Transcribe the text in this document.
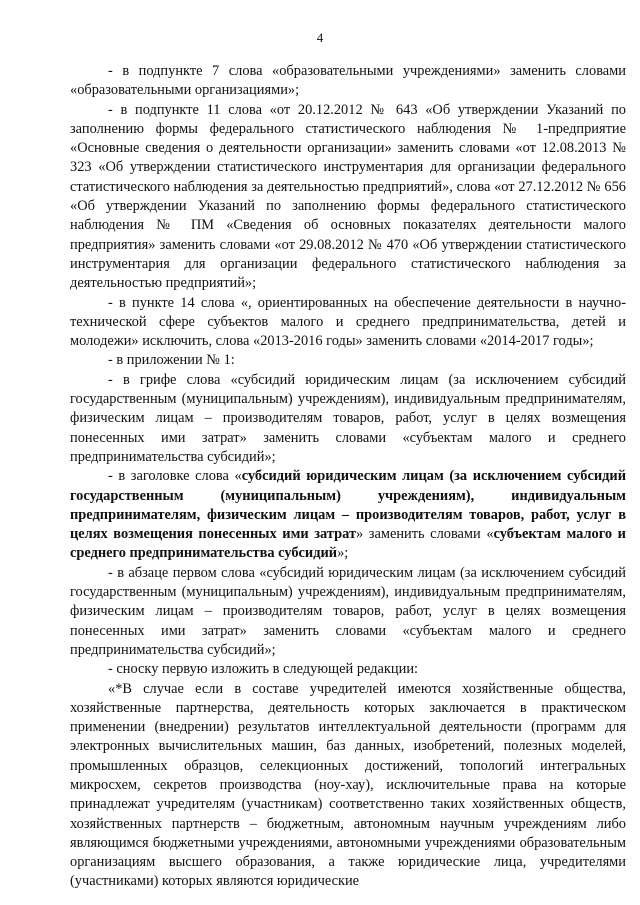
4

- в подпункте 7 слова «образовательными учреждениями» заменить словами «образовательными организациями»;

- в подпункте 11 слова «от 20.12.2012 № 643 «Об утверждении Указаний по заполнению формы федерального статистического наблюдения № 1-предприятие «Основные сведения о деятельности организации» заменить словами «от 12.08.2013 № 323 «Об утверждении статистического инструментария для организации федерального статистического наблюдения за деятельностью предприятий», слова «от 27.12.2012 № 656 «Об утверждении Указаний по заполнению формы федерального статистического наблюдения № ПМ «Сведения об основных показателях деятельности малого предприятия» заменить словами «от 29.08.2012 № 470 «Об утверждении статистического инструментария для организации федерального статистического наблюдения за деятельностью предприятий»;

- в пункте 14 слова «, ориентированных на обеспечение деятельности в научно-технической сфере субъектов малого и среднего предпринимательства, детей и молодежи» исключить, слова «2013-2016 годы» заменить словами «2014-2017 годы»;

- в приложении № 1:

- в грифе слова «субсидий юридическим лицам (за исключением субсидий государственным (муниципальным) учреждениям), индивидуальным предпринимателям, физическим лицам – производителям товаров, работ, услуг в целях возмещения понесенных ими затрат» заменить словами «субъектам малого и среднего предпринимательства субсидий»;

- в заголовке слова «субсидий юридическим лицам (за исключением субсидий государственным (муниципальным) учреждениям), индивидуальным предпринимателям, физическим лицам – производителям товаров, работ, услуг в целях возмещения понесенных ими затрат» заменить словами «субъектам малого и среднего предпринимательства субсидий»;

- в абзаце первом слова «субсидий юридическим лицам (за исключением субсидий государственным (муниципальным) учреждениям), индивидуальным предпринимателям, физическим лицам – производителям товаров, работ, услуг в целях возмещения понесенных ими затрат» заменить словами «субъектам малого и среднего предпринимательства субсидий»;

- сноску первую изложить в следующей редакции:

«*В случае если в составе учредителей имеются хозяйственные общества, хозяйственные партнерства, деятельность которых заключается в практическом применении (внедрении) результатов интеллектуальной деятельности (программ для электронных вычислительных машин, баз данных, изобретений, полезных моделей, промышленных образцов, селекционных достижений, топологий интегральных микросхем, секретов производства (ноу-хау), исключительные права на которые принадлежат учредителям (участникам) соответственно таких хозяйственных обществ, хозяйственных партнерств – бюджетным, автономным научным учреждениям либо являющимся бюджетными учреждениями, автономными учреждениями образовательным организациям высшего образования, а также юридические лица, учредителями (участниками) которых являются юридические
